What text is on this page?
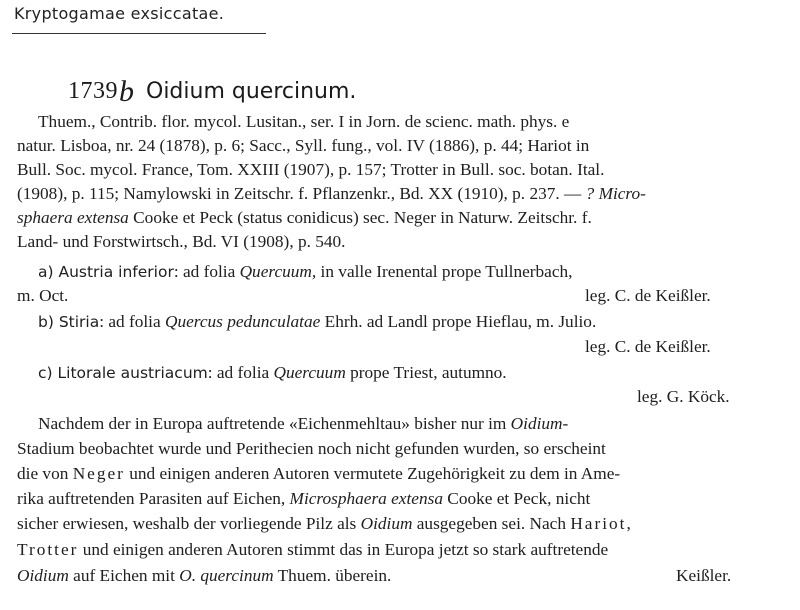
Kryptogamae exsiccatae.
1739b Oidium quercinum.
Thuem., Contrib. flor. mycol. Lusitan., ser. I in Jorn. de scienc. math. phys. e
natur. Lisboa, nr. 24 (1878), p. 6; Sacc., Syll. fung., vol. IV (1886), p. 44; Hariot in
Bull. Soc. mycol. France, Tom. XXIII (1907), p. 157; Trotter in Bull. soc. botan. Ital.
(1908), p. 115; Namylowski in Zeitschr. f. Pflanzenkr., Bd. XX (1910), p. 237. — ? Micro-
sphaera extensa Cooke et Peck (status conidicus) sec. Neger in Naturw. Zeitschr. f.
Land- und Forstwirtsch., Bd. VI (1908), p. 540.
a) Austria inferior: ad folia Quercuum, in valle Irenental prope Tullnerbach,
m. Oct.	leg. C. de Keißler.
b) Stiria: ad folia Quercus pedunculatae Ehrh. ad Landl prope Hieflau, m. Julio.
leg. C. de Keißler.
c) Litorale austriacum: ad folia Quercuum prope Triest, autumno.
leg. G. Köck.
Nachdem der in Europa auftretende «Eichenmehltau» bisher nur im Oidium-
Stadium beobachtet wurde und Perithecien noch nicht gefunden wurden, so erscheint
die von Neger und einigen anderen Autoren vermutete Zugehörigkeit zu dem in Ame-
rika auftretenden Parasiten auf Eichen, Microsphaera extensa Cooke et Peck, nicht
sicher erwiesen, weshalb der vorliegende Pilz als Oidium ausgegeben sei. Nach Hariot,
Trotter und einigen anderen Autoren stimmt das in Europa jetzt so stark auftretende
Oidium auf Eichen mit O. quercinum Thuem. überein.	Keißler.
